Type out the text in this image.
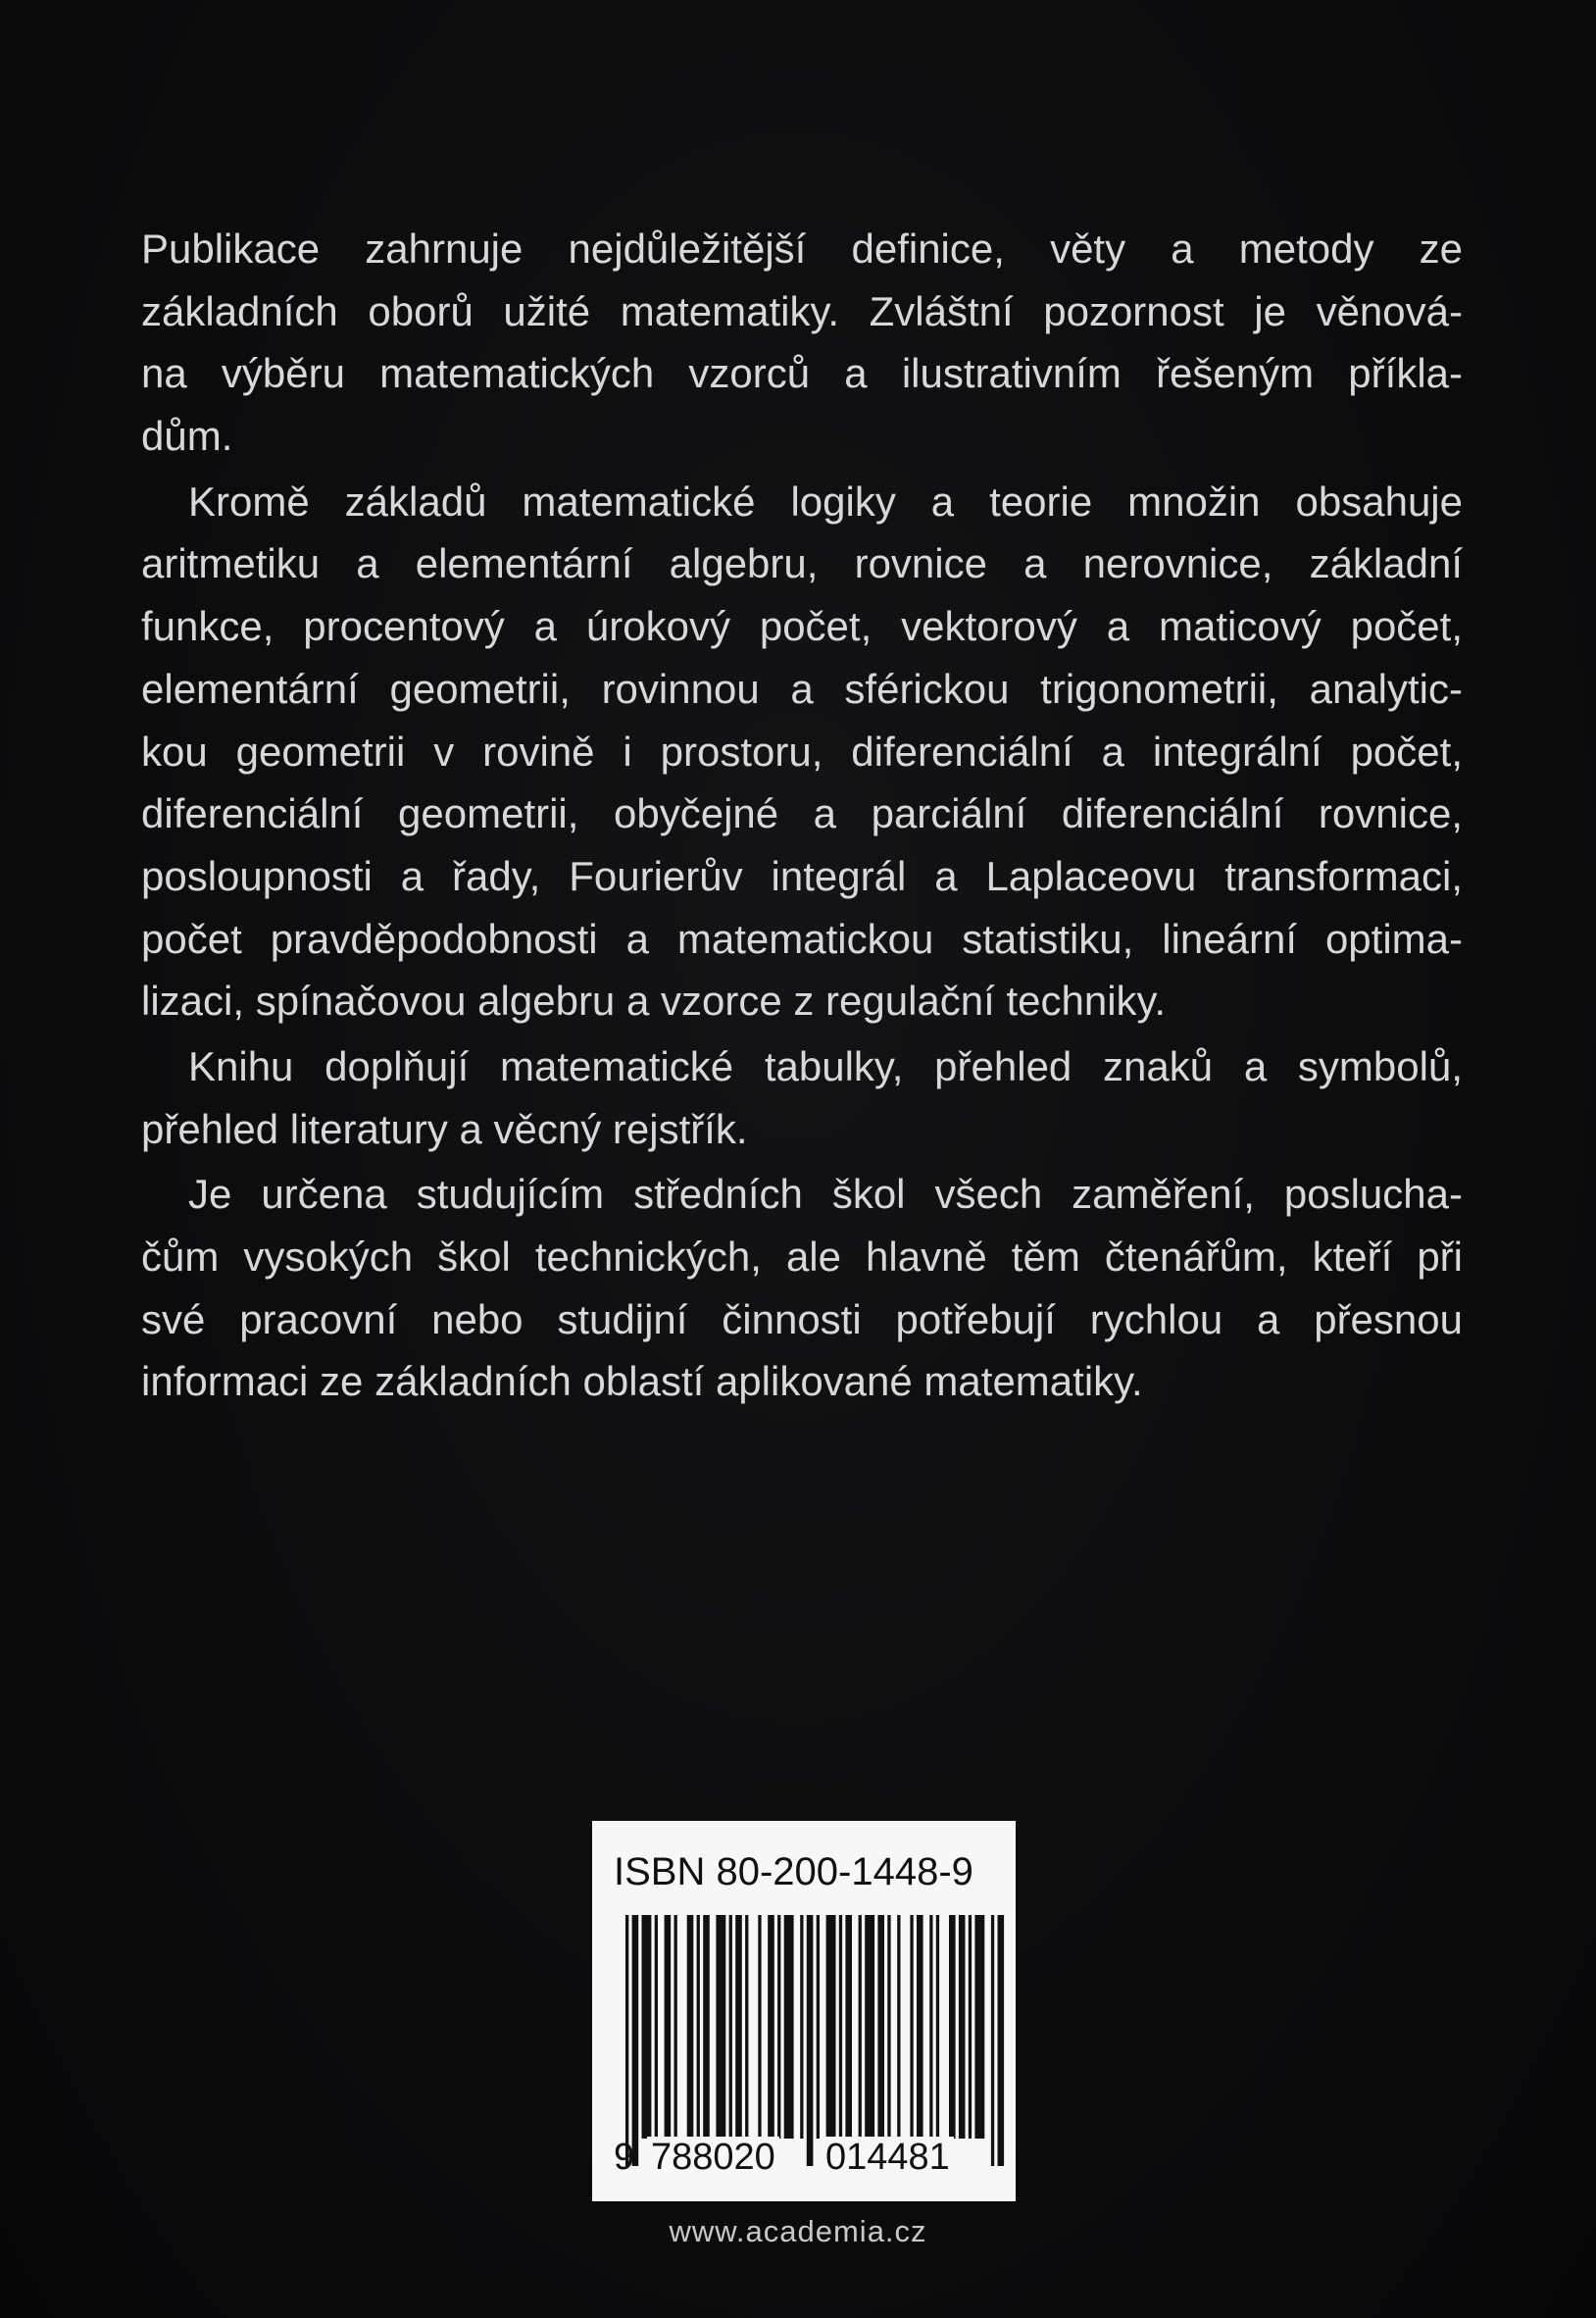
Publikace zahrnuje nejdůležitější definice, věty a metody ze
základních oborů užité matematiky. Zvláštní pozornost je věnová-
na výběru matematických vzorců a ilustrativním řešeným příkla-
dům.
Kromě základů matematické logiky a teorie množin obsahuje
aritmetiku a elementární algebru, rovnice a nerovnice, základní
funkce, procentový a úrokový počet, vektorový a maticový počet,
elementární geometrii, rovinnou a sférickou trigonometrii, analytic-
kou geometrii v rovině i prostoru, diferenciální a integrální počet,
diferenciální geometrii, obyčejné a parciální diferenciální rovnice,
posloupnosti a řady, Fourierův integrál a Laplaceovu transformaci,
počet pravděpodobnosti a matematickou statistiku, lineární optima-
lizaci, spínačovou algebru a vzorce z regulační techniky.
Knihu doplňují matematické tabulky, přehled znaků a symbolů,
přehled literatury a věcný rejstřík.
Je určena studujícím středních škol všech zaměření, posluchа-
čům vysokých škol technických, ale hlavně těm čtenářům, kteří při
své pracovní nebo studijní činnosti potřebují rychlou a přesnou
informaci ze základních oblastí aplikované matematiky.
ISBN 80-200-1448-9
9 788020 014481
www.academia.cz
